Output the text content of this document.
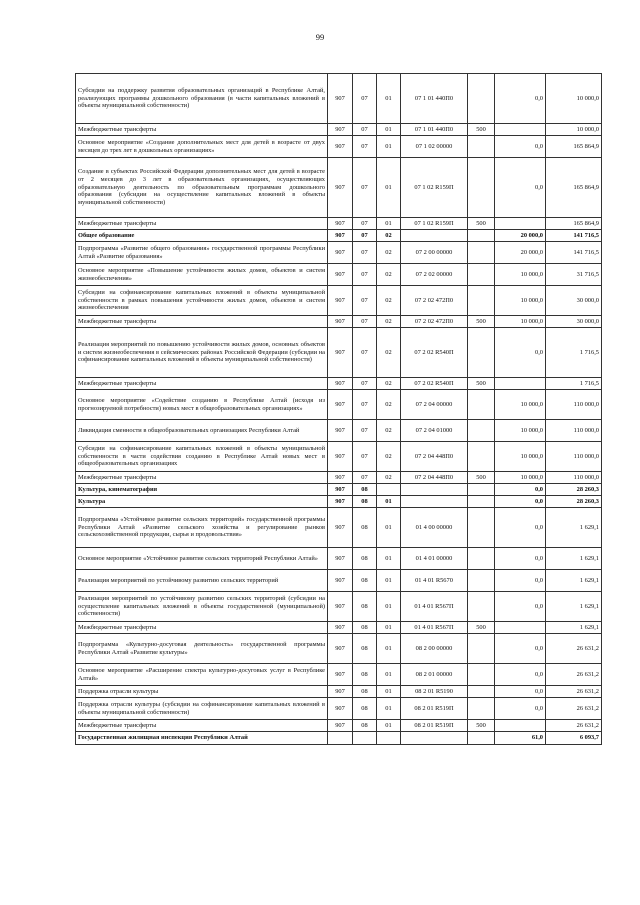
99
Субсидии на поддержку развития образовательных организаций в Республике Алтай, реализующих программы дошкольного образования (в части капитальных вложений в объекты муниципальной собственности)	907	07	01	07 1 01 440П0		0,0	10 000,0
Межбюджетные трансферты	907	07	01	07 1 01 440П0	500		10 000,0
Основное мероприятие «Создание дополнительных мест для детей в возрасте от двух месяцев до трех лет в дошкольных организациях»	907	07	01	07 1 02 00000		0,0	165 864,9
Создание в субъектах Российской Федерации дополнительных мест для детей в возрасте от 2 месяцев до 3 лет в образовательных организациях, осуществляющих образовательную деятельность по образовательным программам дошкольного образования (субсидии на осуществление капитальных вложений в объекты муниципальной собственности)	907	07	01	07 1 02 R159П		0,0	165 864,9
Межбюджетные трансферты	907	07	01	07 1 02 R159П	500		165 864,9
Общее образование	907	07	02			20 000,0	141 716,5
Подпрограмма «Развитие общего образования» государственной программы Республики Алтай «Развитие образования»	907	07	02	07 2 00 00000		20 000,0	141 716,5
Основное мероприятие «Повышение устойчивости жилых домов, объектов и систем жизнеобеспечения»	907	07	02	07 2 02 00000		10 000,0	31 716,5
Субсидии на софинансирование капитальных вложений в объекты муниципальной собственности в рамках повышения устойчивости жилых домов, объектов и систем жизнеобеспечения	907	07	02	07 2 02 472П0		10 000,0	30 000,0
Межбюджетные трансферты	907	07	02	07 2 02 472П0	500	10 000,0	30 000,0
Реализация мероприятий по повышению устойчивости жилых домов, основных объектов и систем жизнеобеспечения в сейсмических районах Российской Федерации (субсидии на софинансирование капитальных вложений в объекты муниципальной собственности)	907	07	02	07 2 02 R540П		0,0	1 716,5
Межбюджетные трансферты	907	07	02	07 2 02 R540П	500		1 716,5
Основное мероприятие «Содействие созданию в Республике Алтай (исходя из прогнозируемой потребности) новых мест в общеобразовательных организациях»	907	07	02	07 2 04 00000		10 000,0	110 000,0
Ликвидация сменности в общеобразовательных организациях Республики Алтай	907	07	02	07 2 04 01000		10 000,0	110 000,0
Субсидии на софинансирование капитальных вложений в объекты муниципальной собственности в части содействия созданию в Республике Алтай новых мест в общеобразовательных организациях	907	07	02	07 2 04 448П0		10 000,0	110 000,0
Межбюджетные трансферты	907	07	02	07 2 04 448П0	500	10 000,0	110 000,0
Культура, кинематография	907	08				0,0	28 260,3
Культура	907	08	01			0,0	28 260,3
Подпрограмма «Устойчивое развитие сельских территорий» государственной программы Республики Алтай «Развитие сельского хозяйства и регулирование рынков сельскохозяйственной продукции, сырья и продовольствия»	907	08	01	01 4 00 00000		0,0	1 629,1
Основное мероприятие «Устойчивое развитие сельских территорий Республики Алтай»	907	08	01	01 4 01 00000		0,0	1 629,1
Реализация мероприятий по устойчивому развитию сельских территорий	907	08	01	01 4 01 R5670		0,0	1 629,1
Реализация мероприятий по устойчивому развитию сельских территорий (субсидии на осуществление капитальных вложений в объекты государственной (муниципальной) собственности)	907	08	01	01 4 01 R567П		0,0	1 629,1
Межбюджетные трансферты	907	08	01	01 4 01 R567П	500		1 629,1
Подпрограмма «Культурно-досуговая деятельность» государственной программы Республики Алтай «Развитие культуры»	907	08	01	08 2 00 00000		0,0	26 631,2
Основное мероприятие «Расширение спектра культурно-досуговых услуг в Республике Алтай»	907	08	01	08 2 01 00000		0,0	26 631,2
Поддержка отрасли культуры	907	08	01	08 2 01 R5190		0,0	26 631,2
Поддержка отрасли культуры (субсидии на софинансирование капитальных вложений в объекты муниципальной собственности)	907	08	01	08 2 01 R519П		0,0	26 631,2
Межбюджетные трансферты	907	08	01	08 2 01 R519П	500		26 631,2
Государственная жилищная инспекция Республики Алтай						61,0	6 093,7
